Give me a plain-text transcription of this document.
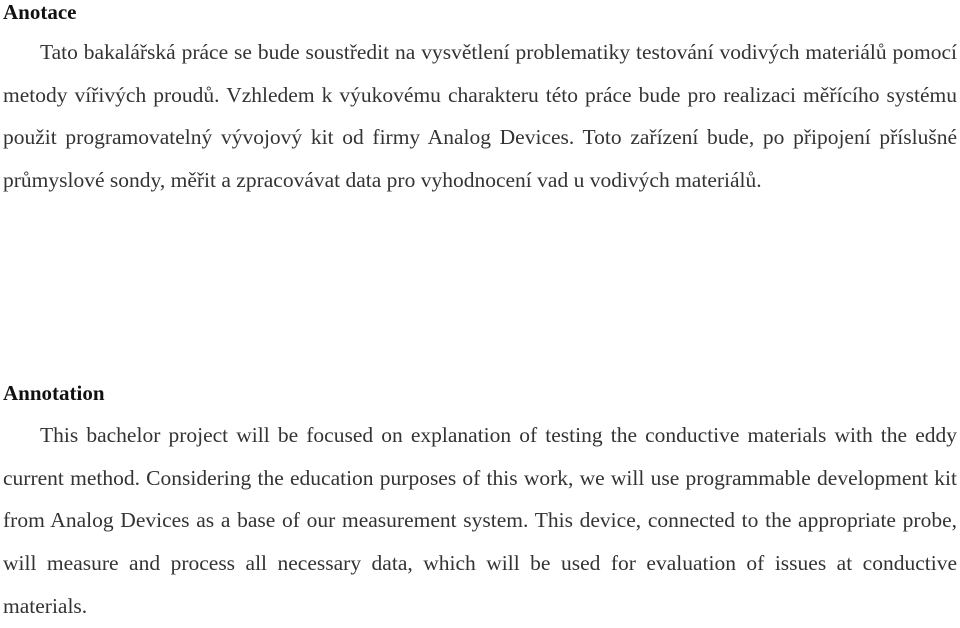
Anotace

Tato bakalářská práce se bude soustředit na vysvětlení problematiky testování vodivých materiálů pomocí metody vířivých proudů. Vzhledem k výukovému charakteru této práce bude pro realizaci měřícího systému použit programovatelný vývojový kit od firmy Analog Devices. Toto zařízení bude, po připojení příslušné průmyslové sondy, měřit a zpracovávat data pro vyhodnocení vad u vodivých materiálů.

Annotation

This bachelor project will be focused on explanation of testing the conductive materials with the eddy current method. Considering the education purposes of this work, we will use programmable development kit from Analog Devices as a base of our measurement system. This device, connected to the appropriate probe, will measure and process all necessary data, which will be used for evaluation of issues at conductive materials.
